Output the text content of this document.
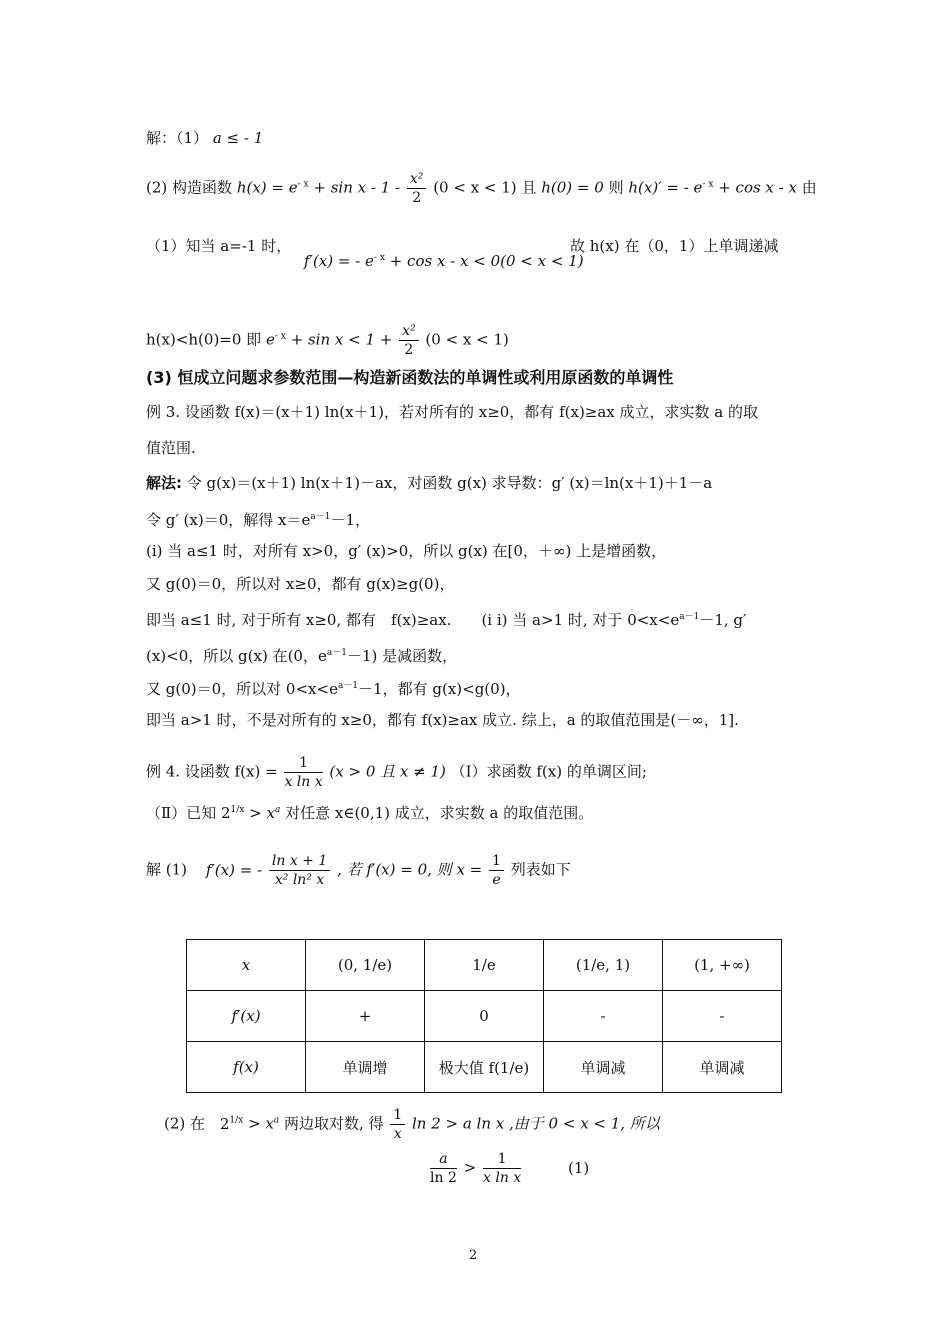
解：（1） a ≤ - 1
(2) 构造函数 $h(x) = e^{- x} + \sin x - 1 - \frac{\text{x²}}{2} (0 < x < 1)$ 且 h(0) = 0 则 h(x)′ = - $e^{- x} + \cos x - x$ 由
（1）知当 a=-1 时，
f′(x) = - $e^{- x} + \cos x - x < 0(0 < x < 1)$
故 h(x) 在（0，1）上单调递减
h(x)<h(0)=0 即 $e^{- x} + \sin x < 1 + \frac{\text{x²}}{2} (0 < x < 1)$
(3) 恒成立问题求参数范围—构造新函数法的单调性或利用原函数的单调性
例 3. 设函数 f(x)＝(x＋1) ln(x＋1)，若对所有的 x≥0，都有 f(x)≥ax 成立，求实数 a 的取
值范围.
解法: 令 g(x)＝(x＋1) ln(x＋1)－ax，对函数 g(x) 求导数：g′ (x)＝ln(x＋1)＋1－a
令 g′ (x)＝0，解得 $x=e^{a-1}-1$，
(i) 当 a≤1 时，对所有 x>0，g′ (x)>0，所以 g(x) 在[0，＋∞) 上是增函数，
又 g(0)＝0，所以对 x≥0，都有 g(x)≥g(0)，
即当 a≤1 时, 对于所有 x≥0, 都有　f(x)≥ax.　　(i i) 当 a>1 时, 对于 $0<x<e^{a-1}-1$, g′
(x)<0，所以 g(x) 在(0，$e^{a-1}-1$) 是减函数，
又 g(0)＝0，所以对 $0<x<e^{a-1}-1$，都有 g(x)<g(0)，
即当 a>1 时，不是对所有的 x≥0，都有 f(x)≥ax 成立. 综上，a 的取值范围是(－∞，1].
例 4. 设函数 $f(x) = \frac{1}{\text{x ln x}} (x > 0$ 且 x ≠ 1) （Ⅰ）求函数 f(x) 的单调区间;
（Ⅱ）已知 $2^{1/x} > x^a$ 对任意 x∈(0,1) 成立，求实数 a 的取值范围。
解 (1) f′(x) = - $\frac{\text{ln x + 1}}{\text{x² ln² x}}$ , 若 f′(x) = 0, 则 $x = \frac{1}{e}$ 列表如下
x	(0, 1/e)	1/e	(1/e, 1)	(1, +∞)
f′(x)	+	0	-	-
f(x)	单调增	极大值 f(1/e)	单调减	单调减
(2) 在 $2^{1/x} > x^a$ 两边取对数, 得 $\frac{1}{x}$ ln 2 > a ln x ,由于 0 < x < 1, 所以
$\frac{a}{\ln 2} > \frac{1}{\text{x ln x}}$	(1)
2
